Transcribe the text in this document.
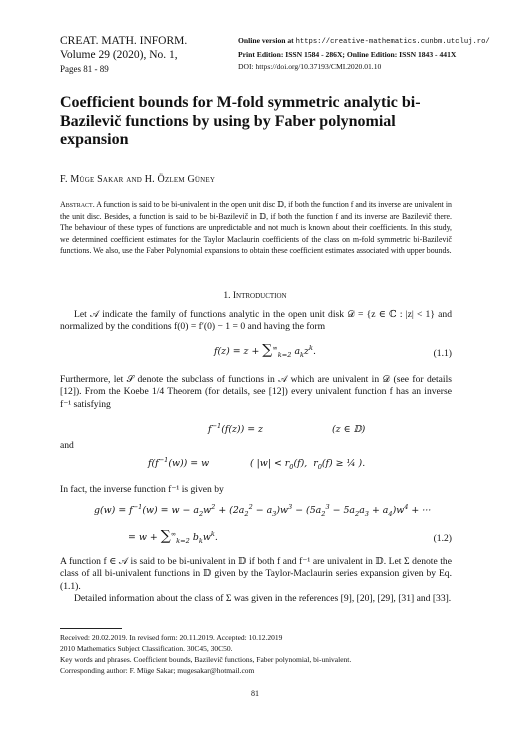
CREAT. MATH. INFORM.
Volume 29 (2020), No. 1,
Pages 81 - 89
Online version at https://creative-mathematics.cunbm.utcluj.ro/
Print Edition: ISSN 1584 - 286X; Online Edition: ISSN 1843 - 441X
DOI: https://doi.org/10.37193/CMI.2020.01.10
Coefficient bounds for M-fold symmetric analytic bi-Bazilevič functions by using by Faber polynomial expansion
F. Müge Sakar and H. Özlem Güney
Abstract. A function is said to be bi-univalent in the open unit disc 𝔻, if both the function f and its inverse are univalent in the unit disc. Besides, a function is said to be bi-Bazilevič in 𝔻, if both the function f and its inverse are Bazilevič there. The behaviour of these types of functions are unpredictable and not much is known about their coefficients. In this study, we determined coefficient estimates for the Taylor Maclaurin coefficients of the class on m-fold symmetric bi-Bazilevič functions. We also, use the Faber Polynomial expansions to obtain these coefficient estimates associated with upper bounds.
1. Introduction
Let 𝒜 indicate the family of functions analytic in the open unit disk 𝒟 = {z ∈ ℂ : |z| < 1} and normalized by the conditions f(0) = f′(0) − 1 = 0 and having the form
$f(z) = z + \sum^\infty_{k=2}$ $a_kz^k$.	(1.1)
Furthermore, let 𝒮 denote the subclass of functions in 𝒜 which are univalent in 𝒟 (see for details [12]). From the Koebe 1/4 Theorem (for details, see [12]) every univalent function f has an inverse f⁻¹ satisfying
$f^{-1}(f(z)) = z$	(z ∈ 𝔻)
and
$f(f^{-1}(w)) = w$	( $|w| < r_0(f)$,  $r_0(f)$ ≥ ¼ ).
In fact, the inverse function f⁻¹ is given by
$g(w) = f^{-1}(w) = w - a_2w^2 + (2a_2^2 - a_3)w^3 - (5a_2^3 - 5a_2a_3 + a_4)w^4$ + ···
= $w + \sum^\infty_{k=2}$ $b_kw^k$.	(1.2)
A function f ∈ 𝒜 is said to be bi-univalent in 𝔻 if both f and f⁻¹ are univalent in 𝔻. Let Σ denote the class of all bi-univalent functions in 𝔻 given by the Taylor-Maclaurin series expansion given by Eq. (1.1).
Detailed information about the class of Σ was given in the references [9], [20], [29], [31] and [33].
Received: 20.02.2019. In revised form: 20.11.2019. Accepted: 10.12.2019
2010 Mathematics Subject Classification. 30C45, 30C50.
Key words and phrases. Coefficient bounds, Bazilevič functions, Faber polynomial, bi-univalent.
Corresponding author: F. Müge Sakar; mugesakar@hotmail.com
81
